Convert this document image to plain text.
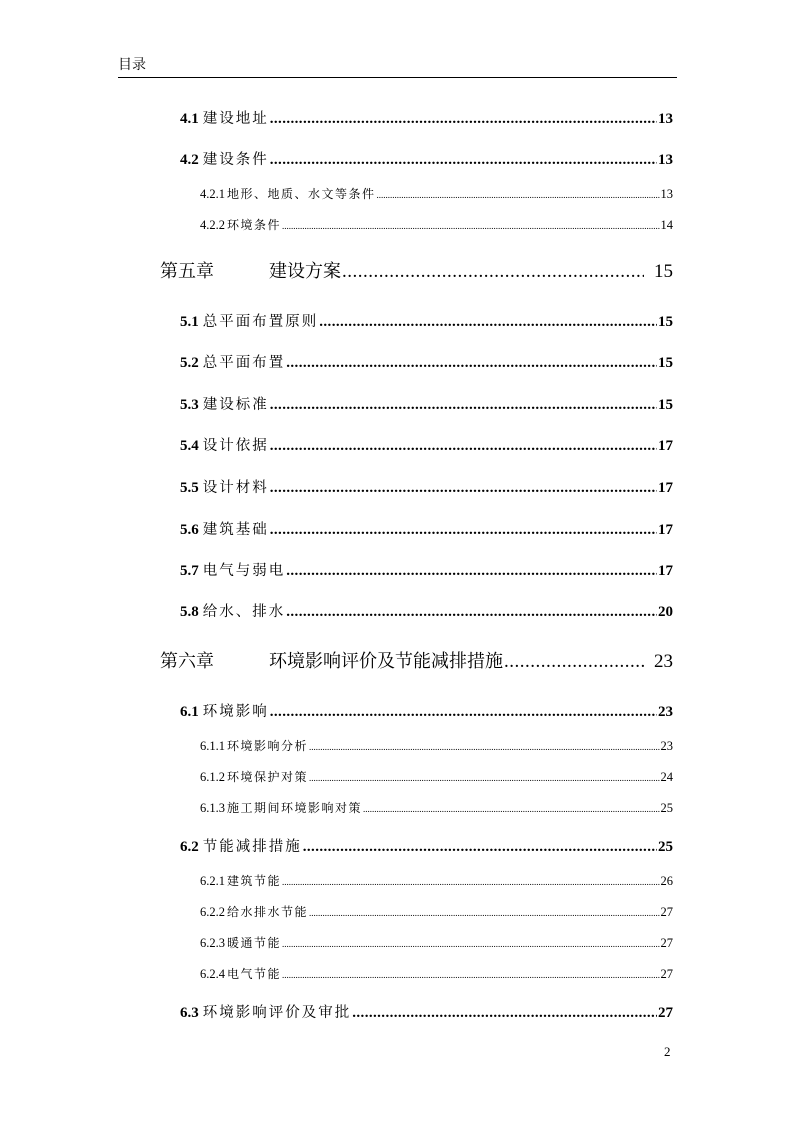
目录
4.1 建设地址 .....	13
4.2 建设条件 .....	13
4.2.1 地形、地质、水文等条件 .....	13
4.2.2 环境条件 .....	14
第五章	建设方案 .....	15
5.1 总平面布置原则 .....	15
5.2 总平面布置 .....	15
5.3 建设标准 .....	15
5.4 设计依据 .....	17
5.5 设计材料 .....	17
5.6 建筑基础 .....	17
5.7 电气与弱电 .....	17
5.8 给水、排水 .....	20
第六章	环境影响评价及节能减排措施 .....	23
6.1 环境影响 .....	23
6.1.1 环境影响分析 .....	23
6.1.2 环境保护对策 .....	24
6.1.3 施工期间环境影响对策 .....	25
6.2 节能减排措施 .....	25
6.2.1 建筑节能 .....	26
6.2.2 给水排水节能 .....	27
6.2.3 暖通节能 .....	27
6.2.4 电气节能 .....	27
6.3 环境影响评价及审批 .....	27
2
